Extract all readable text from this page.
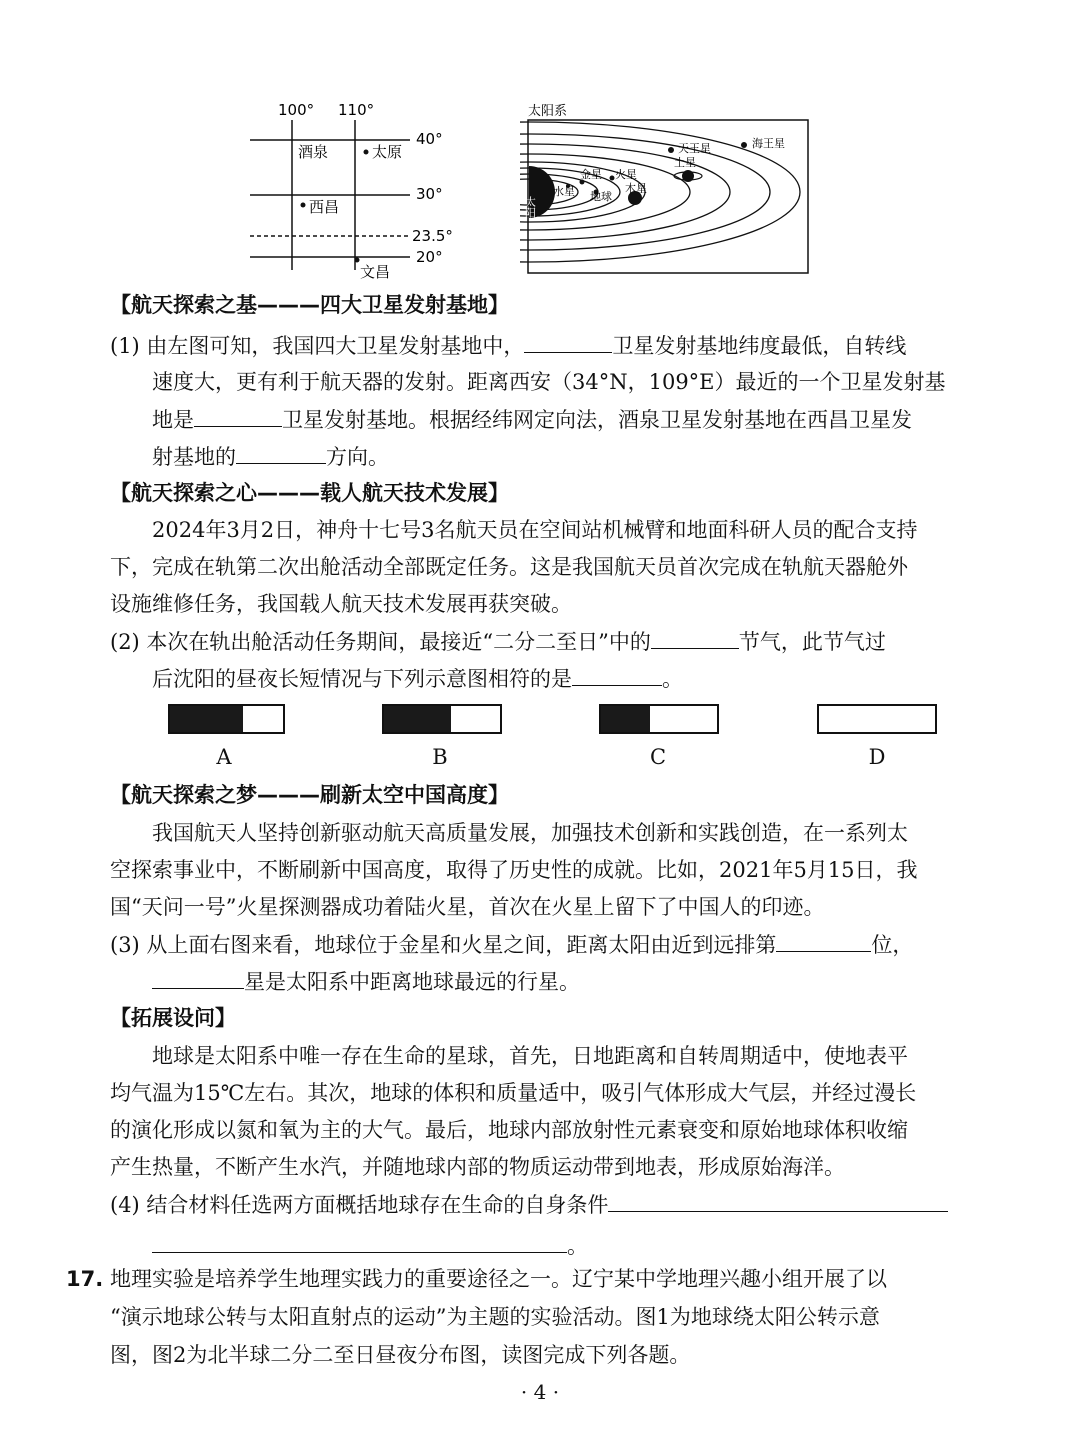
100° 110°
40°
30°
23.5°
20°
酒泉	太原
西昌
文昌
太阳系
太阳
水星
金星
地球
火星
木星
土星
天王星	海王星
【航天探索之基———四大卫星发射基地】
(1) 由左图可知，我国四大卫星发射基地中，	卫星发射基地纬度最低，自转线
速度大，更有利于航天器的发射。距离西安（34°N，109°E）最近的一个卫星发射基
地是	卫星发射基地。根据经纬网定向法，酒泉卫星发射基地在西昌卫星发
射基地的	方向。
【航天探索之心———载人航天技术发展】
2024年3月2日，神舟十七号3名航天员在空间站机械臂和地面科研人员的配合支持
下，完成在轨第二次出舱活动全部既定任务。这是我国航天员首次完成在轨航天器舱外
设施维修任务，我国载人航天技术发展再获突破。
(2) 本次在轨出舱活动任务期间，最接近“二分二至日”中的	节气，此节气过
后沈阳的昼夜长短情况与下列示意图相符的是	。
A	B	C	D
【航天探索之梦———刷新太空中国高度】
我国航天人坚持创新驱动航天高质量发展，加强技术创新和实践创造，在一系列太
空探索事业中，不断刷新中国高度，取得了历史性的成就。比如，2021年5月15日，我
国“天问一号”火星探测器成功着陆火星，首次在火星上留下了中国人的印迹。
(3) 从上面右图来看，地球位于金星和火星之间，距离太阳由近到远排第	位，
星是太阳系中距离地球最远的行星。
【拓展设问】
地球是太阳系中唯一存在生命的星球，首先，日地距离和自转周期适中，使地表平
均气温为15℃左右。其次，地球的体积和质量适中，吸引气体形成大气层，并经过漫长
的演化形成以氮和氧为主的大气。最后，地球内部放射性元素衰变和原始地球体积收缩
产生热量，不断产生水汽，并随地球内部的物质运动带到地表，形成原始海洋。
(4) 结合材料任选两方面概括地球存在生命的自身条件
。
17. 地理实验是培养学生地理实践力的重要途径之一。辽宁某中学地理兴趣小组开展了以
“演示地球公转与太阳直射点的运动”为主题的实验活动。图1为地球绕太阳公转示意
图，图2为北半球二分二至日昼夜分布图，读图完成下列各题。
· 4 ·
